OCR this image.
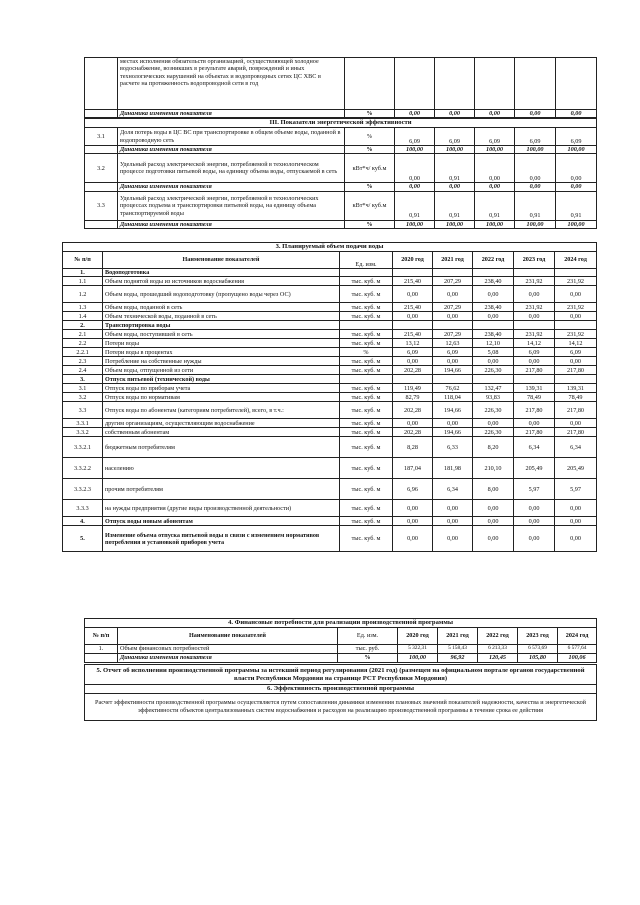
	местах исполнения обязательств организацией, осуществляющей холодное водоснабжение, возникших в результате аварий, повреждений и иных технологических нарушений на объектах и водопроводных сетях ЦС ХВС в расчете на протяженность водопроводной сети в год						
	Динамика изменения показателя	%	0,00	0,00	0,00	0,00	0,00
III. Показатели энергетической эффективности							
3.1	Доля потерь воды в ЦС ВС при транспортировке в общем объеме воды, поданной в водопроводную сеть	%	6,09	6,09	6,09	6,09	6,09
	Динамика изменения показателя	%	100,00	100,00	100,00	100,00	100,00
3.2	Удельный расход электрической энергии, потребляемой в технологическом процессе подготовки питьевой воды, на единицу объема воды, отпускаемой в сеть	кВт*ч/ куб.м	0,00	0,91	0,00	0,00	0,00
	Динамика изменения показателя	%	0,00	0,00	0,00	0,00	0,00
3.3	Удельный расход электрической энергии, потребляемой в технологических процессах подъема и транспортировки питьевой воды, на единицу объема транспортируемой воды	кВт*ч/ куб.м	0,91	0,91	0,91	0,91	0,91
	Динамика изменения показателя	%	100,00	100,00	100,00	100,00	100,00
3. Планируемый объем подачи воды							
№ п/п	Наименование показателей	Ед. изм.	2020 год	2021 год	2022 год	2023 год	2024 год
1.	Водоподготовка						
1.1	Объем поднятой воды из источников водоснабжения	тыс. куб. м	215,40	207,29	238,40	231,92	231,92
1.2	Объем воды, прошедший водоподготовку (пропущено воды через ОС)	тыс. куб. м	0,00	0,00	0,00	0,00	0,00
1.3	Объем воды, поданной в сеть	тыс. куб. м	215,40	207,29	238,40	231,92	231,92
1.4	Объем технической воды, поданной в сеть	тыс. куб. м	0,00	0,00	0,00	0,00	0,00
2.	Транспортировка воды						
2.1	Объем воды, поступившей в сеть	тыс. куб. м	215,40	207,29	238,40	231,92	231,92
2.2	Потери воды	тыс. куб. м	13,12	12,63	12,10	14,12	14,12
2.2.1	Потери воды в процентах	%	6,09	6,09	5,08	6,09	6,09
2.3	Потребление на собственные нужды	тыс. куб. м	0,00	0,00	0,00	0,00	0,00
2.4	Объем воды, отпущенной из сети	тыс. куб. м	202,28	194,66	226,30	217,80	217,80
3.	Отпуск питьевой (технической) воды						
3.1	Отпуск воды по приборам учета	тыс. куб. м	119,49	76,62	132,47	139,31	139,31
3.2	Отпуск воды по нормативам	тыс. куб. м	82,79	118,04	93,83	78,49	78,49
3.3	Отпуск воды по абонентам (категориям потребителей), всего, в т.ч.:	тыс. куб. м	202,28	194,66	226,30	217,80	217,80
3.3.1	другим организациям, осуществляющим водоснабжение	тыс. куб. м	0,00	0,00	0,00	0,00	0,00
3.3.2	собственным абонентам	тыс. куб. м	202,28	194,66	226,30	217,80	217,80
3.3.2.1	бюджетным потребителям	тыс. куб. м	8,28	6,33	8,20	6,34	6,34
3.3.2.2	населению	тыс. куб. м	187,04	181,98	210,10	205,49	205,49
3.3.2.3	прочим потребителям	тыс. куб. м	6,96	6,34	8,00	5,97	5,97
3.3.3	на нужды предприятия (другие виды производственной деятельности)	тыс. куб. м	0,00	0,00	0,00	0,00	0,00
4.	Отпуск воды новым абонентам	тыс. куб. м	0,00	0,00	0,00	0,00	0,00
5.	Изменение объема отпуска питьевой воды в связи с изменением нормативов потребления и установкой приборов учета	тыс. куб. м	0,00	0,00	0,00	0,00	0,00
4. Финансовые потребности для реализации производственной программы							
№ п/п	Наименование показателей	Ед. изм.	2020 год	2021 год	2022 год	2023 год	2024 год
1.	Объем финансовых потребностей	тыс. руб.	5 322,31	5 158,43	6 213,33	6 573,69	6 577,64
	Динамика изменения показателя	%	100,00	96,92	120,45	105,80	100,06
5. Отчет об исполнении производственной программы за истекший период регулирования (2021 год) (размещен на официальном портале органов государственной власти Республики Мордовия на странице РСТ Республики Мордовия)
6. Эффективность производственной программы
Расчет эффективности производственной программы осуществляется путем сопоставления динамики изменения плановых значений показателей надежности, качества и энергетической эффективности объектов централизованных систем водоснабжения и расходов на реализацию производственной программы в течение срока ее действия
